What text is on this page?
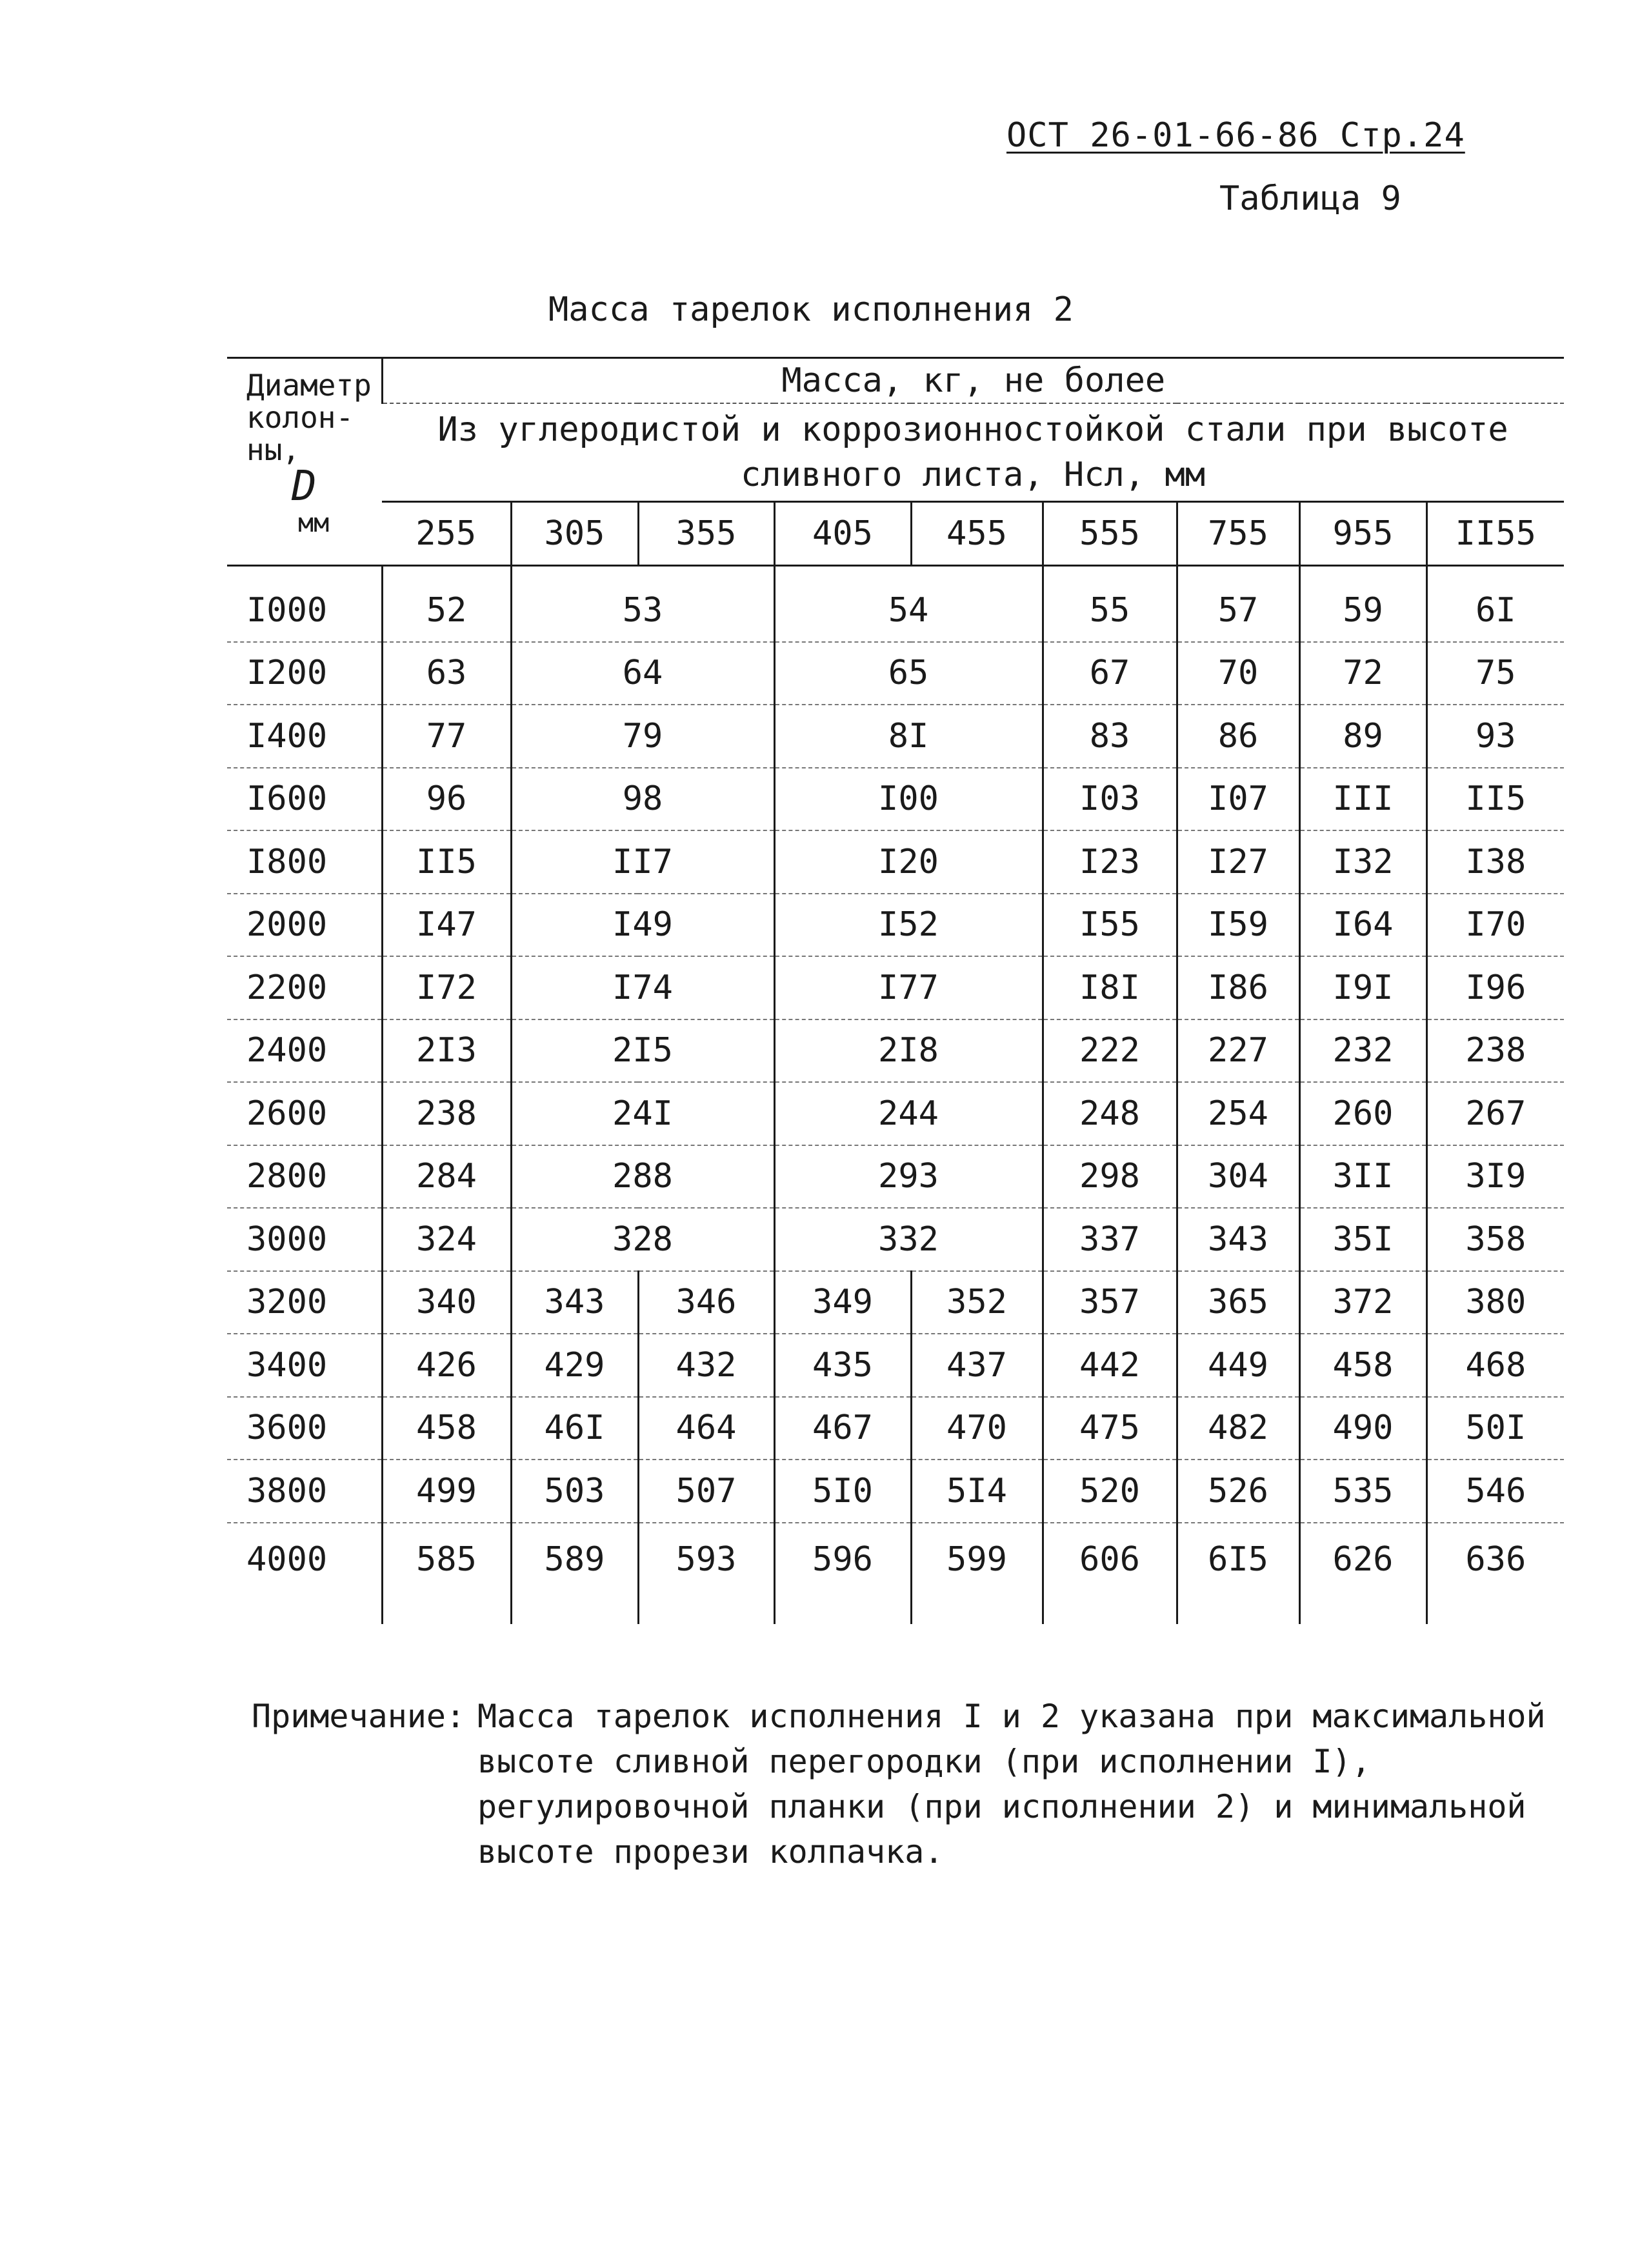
ОСТ 26-01-66-86 Стр.24
Таблица 9
Масса тарелок исполнения 2
Диаметр колон- ны,
D
мм	Масса, кг, не более								
	Из углеродистой и коррозионностойкой стали при высоте сливного листа, Нсл, мм								
	255	305	355	405	455	555	755	955	II55
I000	52	53		54		55	57	59	6I
I200	63	64		65		67	70	72	75
I400	77	79		8I		83	86	89	93
I600	96	98		I00		I03	I07	III	II5
I800	II5	II7		I20		I23	I27	I32	I38
2000	I47	I49		I52		I55	I59	I64	I70
2200	I72	I74		I77		I8I	I86	I9I	I96
2400	2I3	2I5		2I8		222	227	232	238
2600	238	24I		244		248	254	260	267
2800	284	288		293		298	304	3II	3I9
3000	324	328		332		337	343	35I	358
3200	340	343	346	349	352	357	365	372	380
3400	426	429	432	435	437	442	449	458	468
3600	458	46I	464	467	470	475	482	490	50I
3800	499	503	507	5I0	5I4	520	526	535	546
4000	585	589	593	596	599	606	6I5	626	636
Примечание: Масса тарелок исполнения I и 2 указана при максимальной высоте сливной перегородки (при исполнении I), регулировочной планки (при исполнении 2) и минимальной высоте прорези колпачка.
